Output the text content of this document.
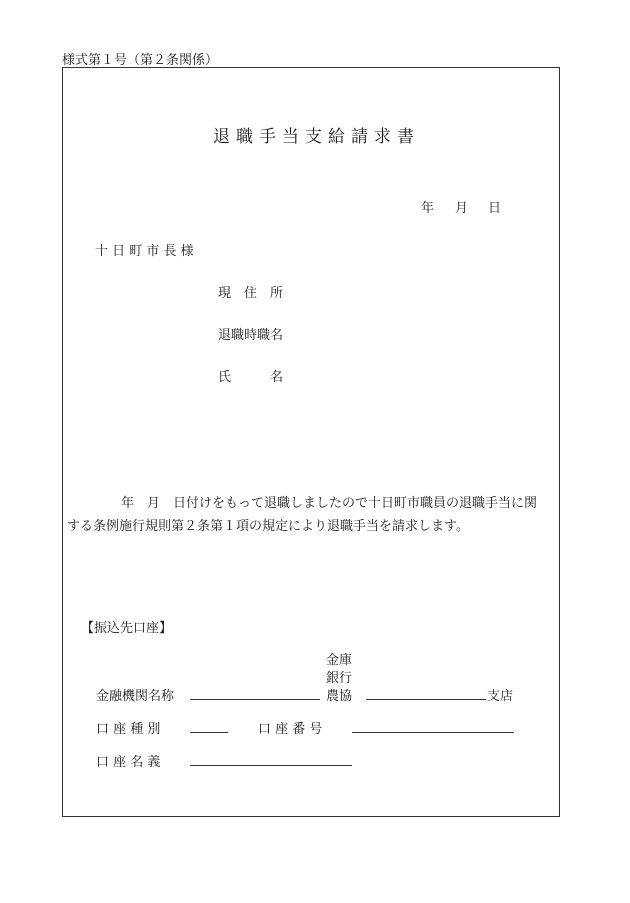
様式第１号（第２条関係）
退職手当支給請求書
年 月 日
十 日 町 市 長 様
現　住　所
退職時職名
氏　　　名
年　月　日付けをもって退職しましたので十日町市職員の退職手当に関
する条例施行規則第２条第１項の規定により退職手当を請求します。
【振込先口座】
金庫
銀行
農協
金融機関名称	支店
口 座 種 別	口 座 番 号
口 座 名 義
